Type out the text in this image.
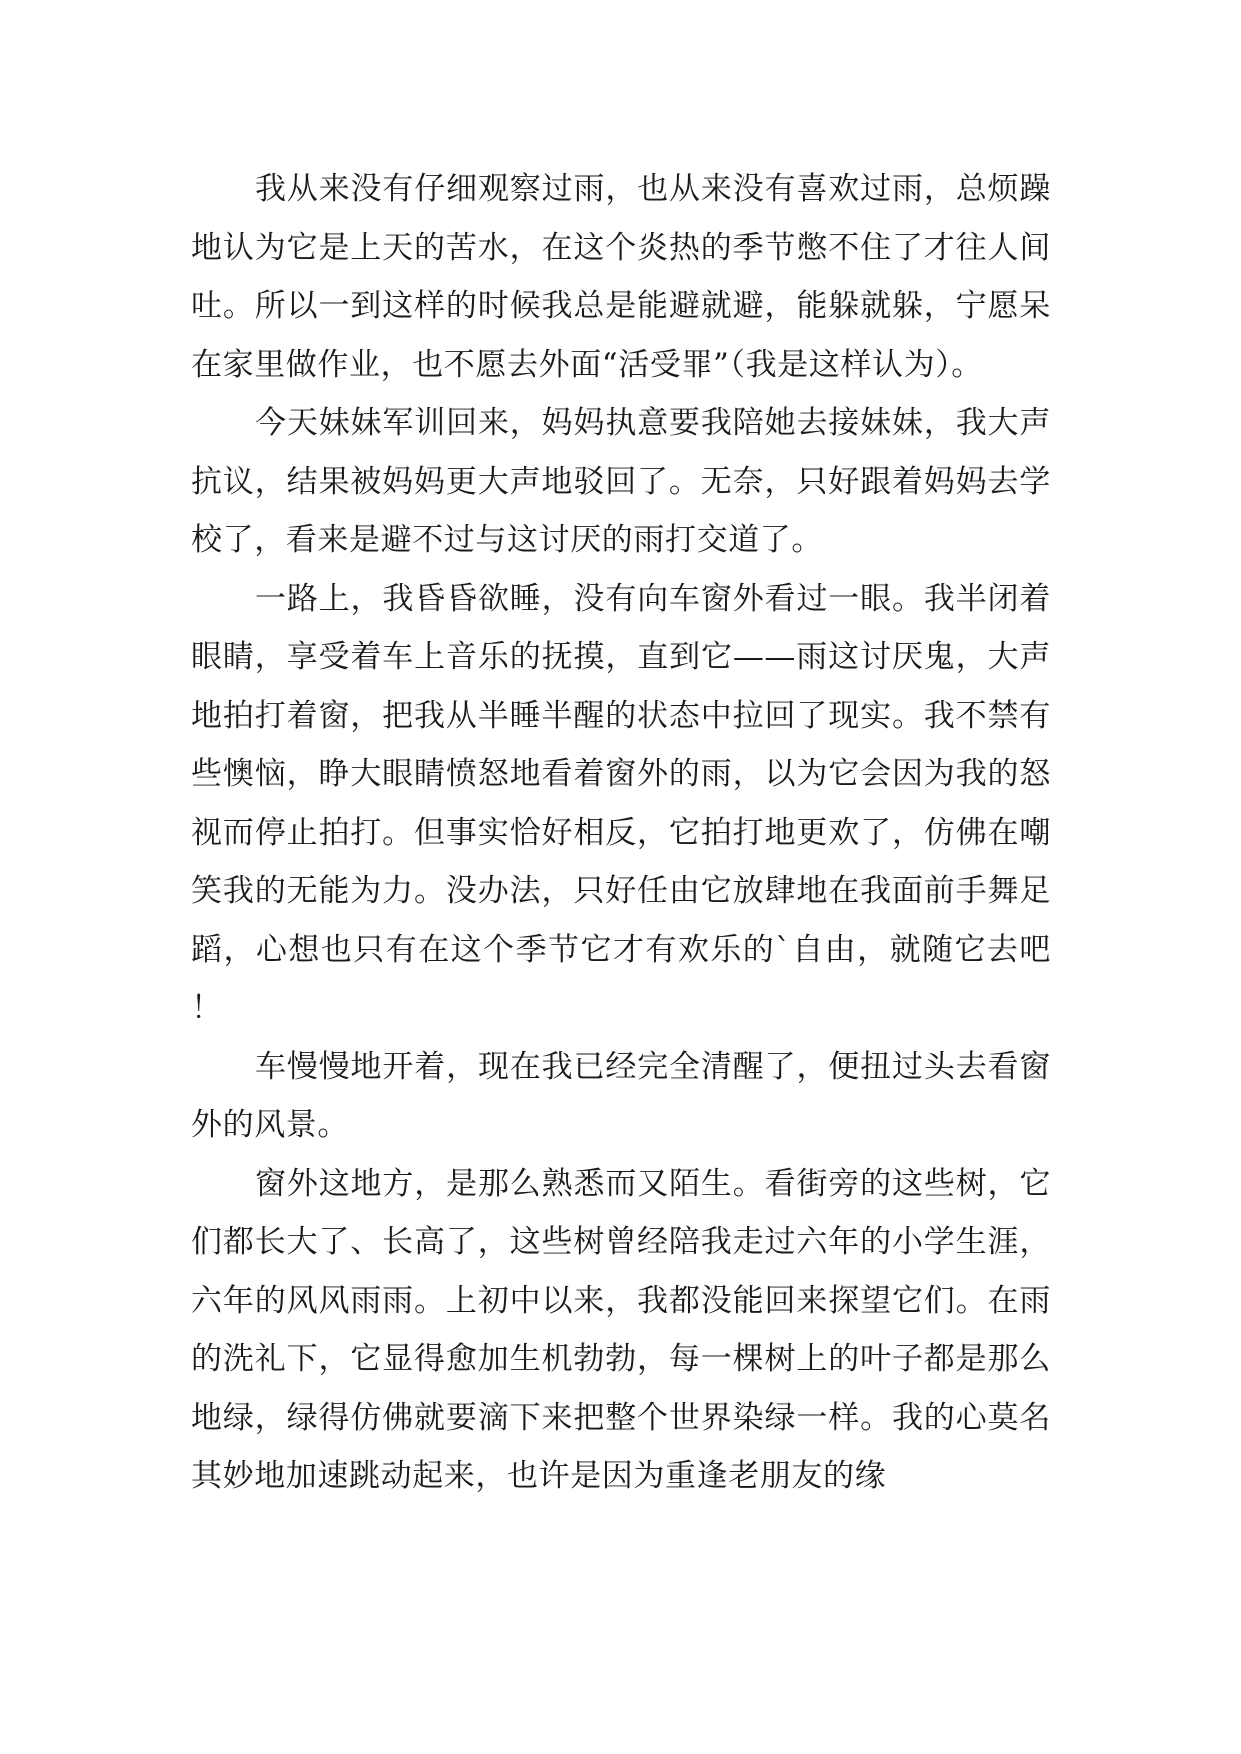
我从来没有仔细观察过雨，也从来没有喜欢过雨，总烦躁地认为它是上天的苦水，在这个炎热的季节憋不住了才往人间吐。所以一到这样的时候我总是能避就避，能躲就躲，宁愿呆在家里做作业，也不愿去外面“活受罪”（我是这样认为）。

今天妹妹军训回来，妈妈执意要我陪她去接妹妹，我大声抗议，结果被妈妈更大声地驳回了。无奈，只好跟着妈妈去学校了，看来是避不过与这讨厌的雨打交道了。

一路上，我昏昏欲睡，没有向车窗外看过一眼。我半闭着眼睛，享受着车上音乐的抚摸，直到它——雨这讨厌鬼，大声地拍打着窗，把我从半睡半醒的状态中拉回了现实。我不禁有些懊恼，睁大眼睛愤怒地看着窗外的雨，以为它会因为我的怒视而停止拍打。但事实恰好相反，它拍打地更欢了，仿佛在嘲笑我的无能为力。没办法，只好任由它放肆地在我面前手舞足蹈，心想也只有在这个季节它才有欢乐的`自由，就随它去吧！

车慢慢地开着，现在我已经完全清醒了，便扭过头去看窗外的风景。

窗外这地方，是那么熟悉而又陌生。看街旁的这些树，它们都长大了、长高了，这些树曾经陪我走过六年的小学生涯，六年的风风雨雨。上初中以来，我都没能回来探望它们。在雨的洗礼下，它显得愈加生机勃勃，每一棵树上的叶子都是那么地绿，绿得仿佛就要滴下来把整个世界染绿一样。我的心莫名其妙地加速跳动起来，也许是因为重逢老朋友的缘
